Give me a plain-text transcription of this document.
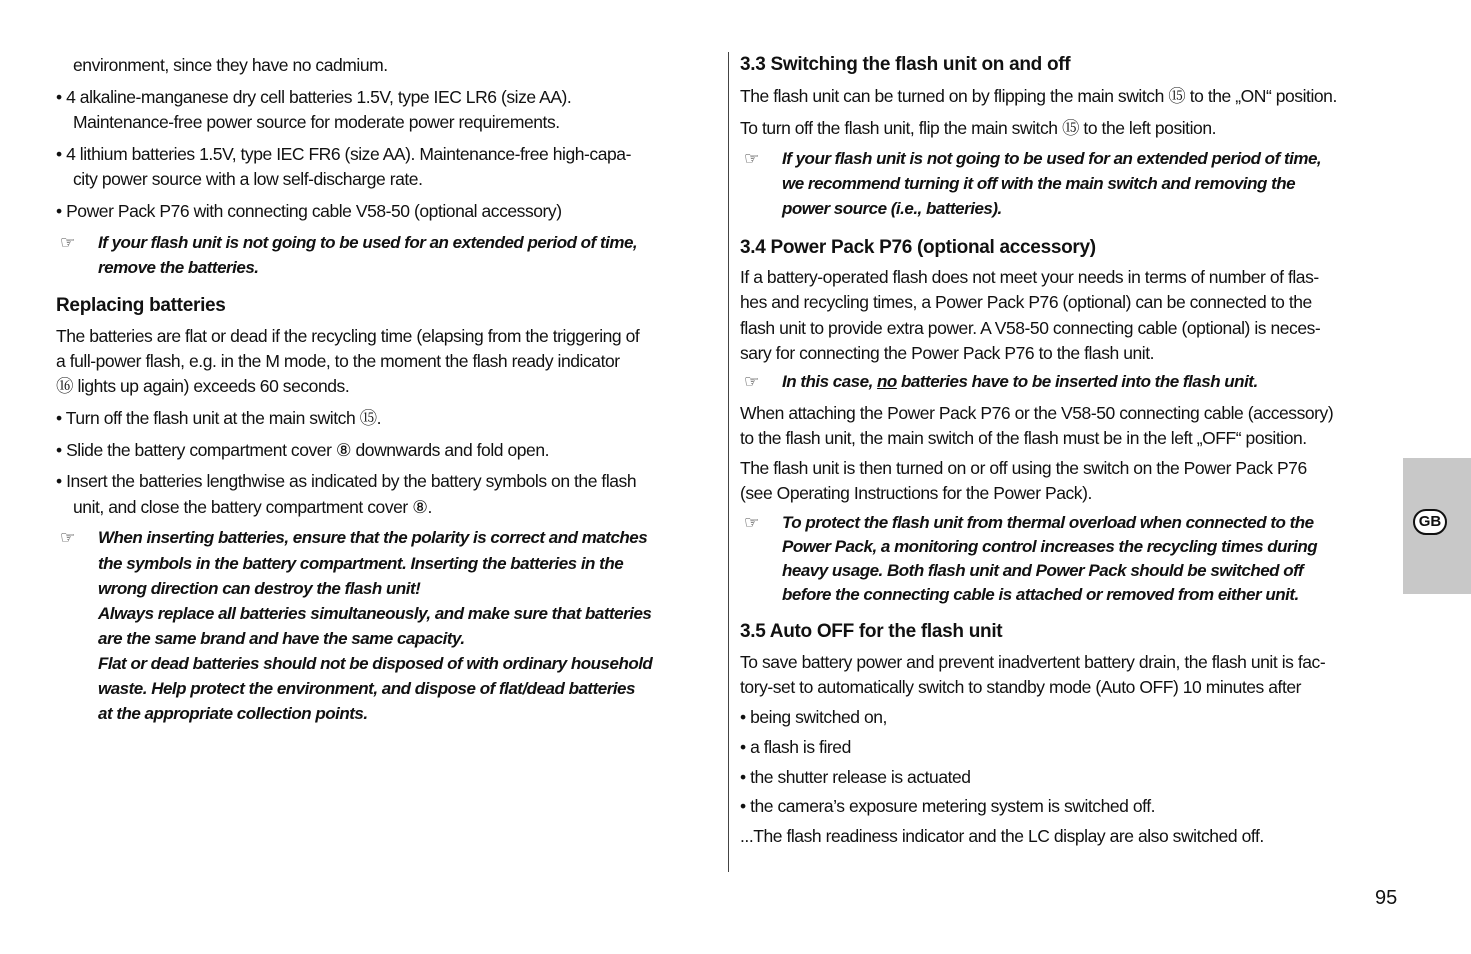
environment, since they have no cadmium.
• 4 alkaline-manganese dry cell batteries 1.5V, type IEC LR6 (size AA).
Maintenance-free power source for moderate power requirements.
• 4 lithium batteries 1.5V, type IEC FR6 (size AA). Maintenance-free high-capa-
city power source with a low self-discharge rate.
• Power Pack P76 with connecting cable V58-50 (optional accessory)
☞ If your flash unit is not going to be used for an extended period of time,
remove the batteries.
Replacing batteries
The batteries are flat or dead if the recycling time (elapsing from the triggering of
a full-power flash, e.g. in the M mode, to the moment the flash ready indicator
⑯ lights up again) exceeds 60 seconds.
• Turn off the flash unit at the main switch ⑮.
• Slide the battery compartment cover ⑧ downwards and fold open.
• Insert the batteries lengthwise as indicated by the battery symbols on the flash
unit, and close the battery compartment cover ⑧.
☞ When inserting batteries, ensure that the polarity is correct and matches
the symbols in the battery compartment. Inserting the batteries in the
wrong direction can destroy the flash unit!
Always replace all batteries simultaneously, and make sure that batteries
are the same brand and have the same capacity.
Flat or dead batteries should not be disposed of with ordinary household
waste. Help protect the environment, and dispose of flat/dead batteries
at the appropriate collection points.
3.3 Switching the flash unit on and off
The flash unit can be turned on by flipping the main switch ⑮ to the „ON“ position.
To turn off the flash unit, flip the main switch ⑮ to the left position.
☞ If your flash unit is not going to be used for an extended period of time,
we recommend turning it off with the main switch and removing the
power source (i.e., batteries).
3.4 Power Pack P76 (optional accessory)
If a battery-operated flash does not meet your needs in terms of number of flas-
hes and recycling times, a Power Pack P76 (optional) can be connected to the
flash unit to provide extra power. A V58-50 connecting cable (optional) is neces-
sary for connecting the Power Pack P76 to the flash unit.
☞ In this case, no batteries have to be inserted into the flash unit.
When attaching the Power Pack P76 or the V58-50 connecting cable (accessory)
to the flash unit, the main switch of the flash must be in the left „OFF“ position.
The flash unit is then turned on or off using the switch on the Power Pack P76
(see Operating Instructions for the Power Pack).
☞ To protect the flash unit from thermal overload when connected to the
Power Pack, a monitoring control increases the recycling times during
heavy usage. Both flash unit and Power Pack should be switched off
before the connecting cable is attached or removed from either unit.
3.5 Auto OFF for the flash unit
To save battery power and prevent inadvertent battery drain, the flash unit is fac-
tory-set to automatically switch to standby mode (Auto OFF) 10 minutes after
• being switched on,
• a flash is fired
• the shutter release is actuated
• the camera’s exposure metering system is switched off.
...The flash readiness indicator and the LC display are also switched off.
GB
95
